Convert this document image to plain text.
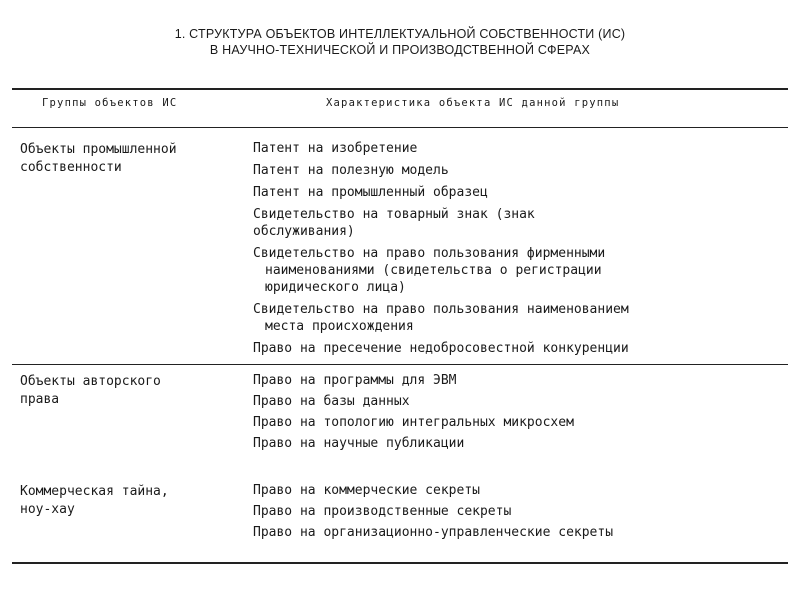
1. СТРУКТУРА ОБЪЕКТОВ ИНТЕЛЛЕКТУАЛЬНОЙ СОБСТВЕННОСТИ (ИС)
В НАУЧНО-ТЕХНИЧЕСКОЙ И ПРОИЗВОДСТВЕННОЙ СФЕРАХ
Группы объектов ИС	Характеристика объекта ИС данной группы
Объекты промышленной
собственности
Патент на изобретение
Патент на полезную модель
Патент на промышленный образец
Свидетельство на товарный знак (знак
обслуживания)
Свидетельство на право пользования фирменными
наименованиями (свидетельства о регистрации
юридического лица)
Свидетельство на право пользования наименованием
места происхождения
Право на пресечение недобросовестной конкуренции
Объекты авторского
права
Право на программы для ЭВМ
Право на базы данных
Право на топологию интегральных микросхем
Право на научные публикации
Коммерческая тайна,
ноу-хау
Право на коммерческие секреты
Право на производственные секреты
Право на организационно-управленческие секреты
